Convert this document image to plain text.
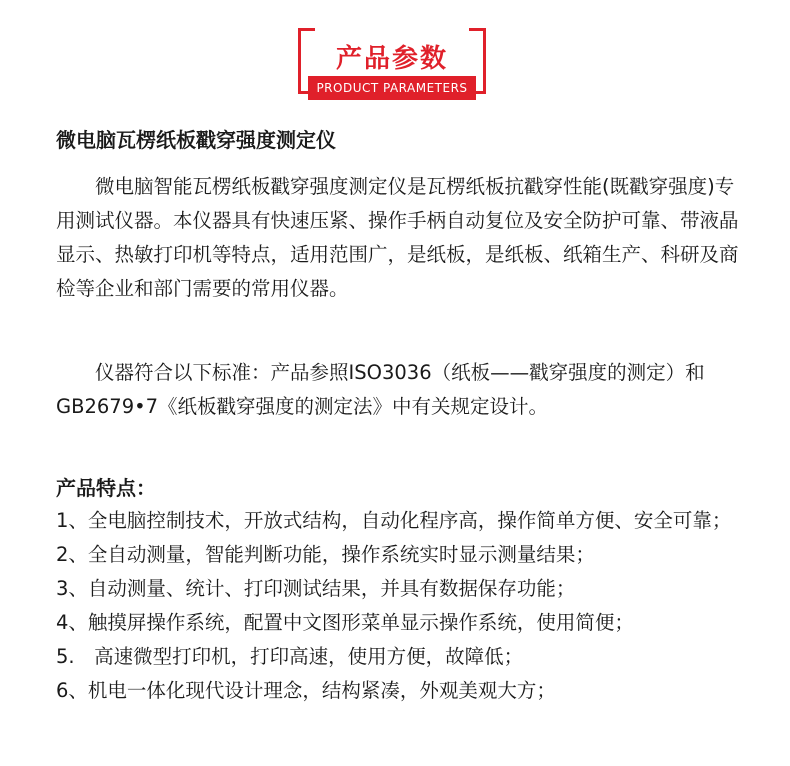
产品参数
PRODUCT PARAMETERS
微电脑瓦楞纸板戳穿强度测定仪

微电脑智能瓦楞纸板戳穿强度测定仪是瓦楞纸板抗戳穿性能(既戳穿强度)专用测试仪器。本仪器具有快速压紧、操作手柄自动复位及安全防护可靠、带液晶显示、热敏打印机等特点，适用范围广，是纸板，是纸板、纸箱生产、科研及商检等企业和部门需要的常用仪器。

仪器符合以下标准：产品参照ISO3036（纸板——戳穿强度的测定）和GB2679•7《纸板戳穿强度的测定法》中有关规定设计。

产品特点：
1、全电脑控制技术，开放式结构，自动化程序高，操作简单方便、安全可靠；
2、全自动测量，智能判断功能，操作系统实时显示测量结果；
3、自动测量、统计、打印测试结果，并具有数据保存功能；
4、触摸屏操作系统，配置中文图形菜单显示操作系统，使用简便；
5.　高速微型打印机，打印高速，使用方便，故障低；
6、机电一体化现代设计理念，结构紧凑，外观美观大方；
